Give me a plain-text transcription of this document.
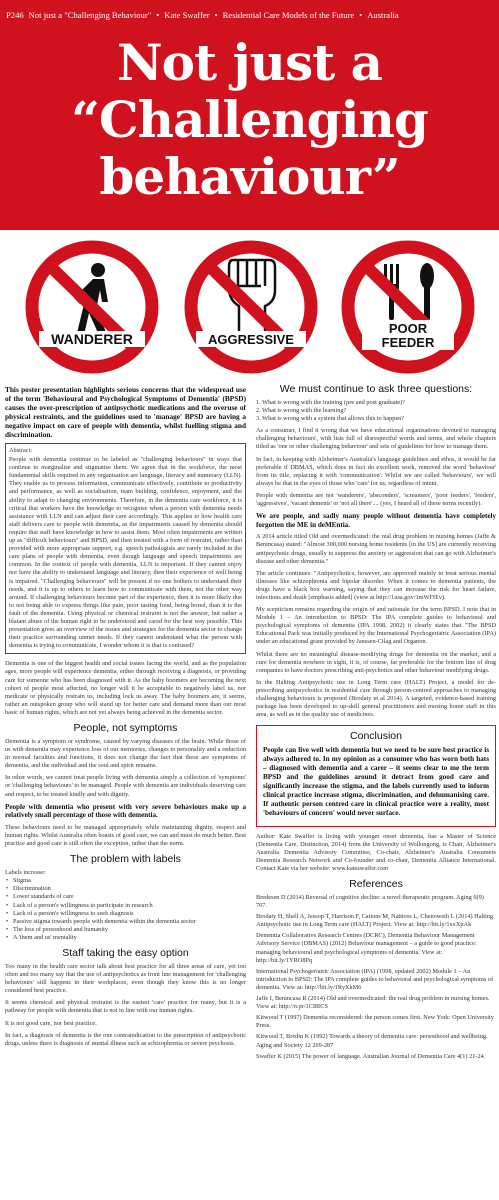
P246 Not just a "Challenging Behaviour" • Kate Swaffer • Residential Care Models of the Future • Australia
Not just a
“Challenging
behaviour”
WANDERER	AGGRESSIVE
POOR
FEEDER

This poster presentation highlights serious concerns that the widespread use of the term 'Behavioural and Psychological Symptoms of Dementia' (BPSD) causes the over-prescription of antipsychotic medications and the overuse of physical restraints, and the guidelines used to 'manage' BPSD are having a negative impact on care of people with dementia, whilst fuelling stigma and discrimination.

Abstract:

People with dementia continue to be labeled as "challenging behaviours" in ways that continue to marginalise and stigmatise them. We agree that in the workforce, the most fundamental skills required in any organisation are language, literacy and numeracy (LLN). They enable us to process information, communicate effectively, contribute to productivity and performance, as well as socialisation, team building, confidence, enjoyment, and the ability to adapt to changing environments. Therefore, in the dementia care workforce, it is critical that workers have the knowledge to recognise when a person with dementia needs assistance with LLN and can adjust their care accordingly. This applies to how health care staff delivers care to people with dementia, as the impairments caused by dementia should require that staff have knowledge in how to assist them. Most often impairments are written up as "difficult behaviours" and BPSD, and then treated with a form of restraint, rather than provided with more appropriate support, e.g. speech pathologists are rarely included in the care plans of people with dementia, even though language and speech impairments are common. In the context of people with dementia, LLN is important. If they cannot enjoy nor have the ability to understand language and literacy, then their experience of well being is impaired. "Challenging behaviours" will be present if no one bothers to understand their needs, and it is up to others to learn how to communicate with them, not the other way around. If challenging behaviours become part of the experience, then it is more likely due to not being able to express things like pain, poor tasting food, being bored, than it is the fault of the dementia. Using physical or chemical restraint is not the answer, but rather a blatant abuse of the human right to be understood and cared for the best way possible. This presentation gives an overview of the issues and strategies for the dementia sector to change their practice surrounding unmet needs. If they cannot understand what the person with dementia is trying to communicate, I wonder whom it is that is confused?

Dementia is one of the biggest health and social issues facing the world, and as the population ages, more people will experience dementia, either through receiving a diagnosis, or providing care for someone who has been diagnosed with it. As the baby boomers are becoming the next cohort of people most affected, no longer will it be acceptable to negatively label us, nor medicate or physically restrain us, including lock us away. The baby boomers are, it seems, rather an outspoken group who will stand up for better care and demand more than our most basic of human rights, which are not yet always being achieved in the dementia sector.

People, not symptoms

Dementia is a symptom or syndrome, caused by varying diseases of the brain. While those of us with dementia may experience loss of our memories, changes to personality and a reduction in normal faculties and functions, it does not change the fact that these are symptoms of dementia, and the individual and the soul and spirit remains.

In other words, we cannot treat people living with dementia simply a collection of 'symptoms' or 'challenging behaviours' to be managed. People with dementia are individuals deserving care and respect, to be treated kindly and with dignity.

People with dementia who present with very severe behaviours make up a relatively small percentage of those with dementia.

These behaviours need to be managed appropriately while maintaining dignity, respect and human rights. Whilst Australia often boasts of good care, we can and must do much better. Best practice and good care is still often the exception, rather than the norm.

The problem with labels
Labels increase:
• Stigma
• Discrimination
• Lower standards of care
• Lack of a person's willingness to participate in research
• Lack of a person's willingness to seek diagnosis
• Passive stigma towards people with dementia within the dementia sector
• The loss of personhood and humanity
• A 'them and us' mentality
Staff taking the easy option

Too many in the health care sector talk about best practice for all three areas of care, yet too often and too many say that the use of antipsychotics as front line management for 'challenging behaviours' still happens in their workplaces, even though they know this is no longer considered best practice.

It seems chemical and physical restraint is the easiest 'care' practice for many, but it is a pathway for people with dementia that is not in line with our human rights.

It is not good care, nor best practice.

In fact, a diagnosis of dementia is the one contraindication to the prescription of antipsychotic drugs, unless there is diagnosis of mental illness such as schizophrenia or severe psychosis.

We must continue to ask three questions:
1. What is wrong with the training (pre and post graduate)?
2. What is wrong with the learning?
3. What is wrong with a system that allows this to happen?

As a consumer, I find it wrong that we have educational organisations devoted to managing challenging behaviours', with lists full of disrespectful words and terms, and whole chapters titled as 'one or other challenging behaviour' and sets of guidelines for how to manage them.

In fact, in keeping with Alzheimer's Australia's language guidelines and ethos, it would be far preferable if DBMAS, which does in fact do excellent work, removed the word 'behaviour' from its title, replacing it with 'communication'. Whilst we are called 'behaviours', we will always be that in the eyes of those who 'care' for us, regardless of intent.

People with dementia are not 'wanderers', 'absconders', 'screamers', 'poor feeders', 'feeders', 'aggressives', 'vacant dements' or 'not all there'.... (yes, I heard all of these terms recently).

We are people, and sadly many people without dementia have completely forgotten the ME in deMEntia.

A 2014 article titled Old and overmedicated: the real drug problem in nursing homes (Jaffe & Benincasa) stated: "Almost 300,000 nursing home residents [in the US] are currently receiving antipsychotic drugs, usually to suppress the anxiety or aggression that can go with Alzheimer's disease and other dementia."

The article continues: "Antipsychotics, however, are approved mainly to treat serious mental illnesses like schizophrenia and bipolar disorder. When it comes to dementia patients, the drugs have a black box warning, saying that they can increase the risk for heart failure, infections and death [emphasis added] (view at http://1usa.gov/1mWFfEv).

My scepticism remains regarding the origin of and rationale for the term BPSD. I note that in Module 1 – An introduction to BPSD: The IPA complete guides to behavioral and psychological symptoms of dementia (IPA 1998, 2002) it clearly states that "The BPSD Educational Pack was initially produced by the International Psychogeriatric Association (IPA) under an educational grant provided by Janssen-Cilag and Organon.

Whilst there are no meaningful disease-modifying drugs for dementia on the market, and a cure for dementia nowhere in sight, it is, of course, far preferable for the bottom line of drug companies to have doctors prescribing anti-psychotics and other behaviour modifying drugs.

In the Halting Antipsychotic use in Long Term care (HALT) Project, a model for de-prescribing antipsychotics in residential care through person-centred approaches to managing challenging behaviours is proposed (Brodaty et al 2014). A targeted, evidence-based training package has been developed to up-skill general practitioners and nursing home staff in this area, as well as in the quality use of medicines.

Conclusion

People can live well with dementia but we need to be sure best practice is always adhered to. In my opinion as a consumer who has worn both hats – diagnosed with dementia and a carer – it seems clear to me the term BPSD and the guidelines around it detract from good care and significantly increase the stigma, and the labels currently used to inform clinical practice increase stigma, discrimination, and dehumanising care. If authentic person centred care in clinical practice were a reality, most 'behaviours of concern' would never surface.

Author: Kate Swaffer is living with younger onset dementia, has a Master of Science (Dementia Care, Distinction, 2014) from the University of Wollongong, is Chair, Alzheimer's Australia Dementia Advisory Committee, Co-chair, Alzheimer's Australia Consumers Dementia Research Network and Co-founder and co-chair, Dementia Alliance International. Contact Kate via her website: www.kateswaffer.com

References

Bredesen D (2014) Reversal of cognitive decline: a novel therapeutic program. Aging 6(9) 707.

Brodaty H, Shell A, Jessop T, Harrison F, Cations M, Nattress L, Chenoweth L (2014) Halting Antipsychotic use in Long Term care (HALT) Project. View at: http://bit.ly/1xxXpAk

Dementia Collaborative Research Centres (DCRC), Dementia Behaviour Management Advisory Service (DBMAS) (2012) Behaviour management – a guide to good practice: managing behavioural and psychological symptoms of dementia. View at: http://bit.ly/1YRO8Pq

International Psychogeriatric Association (IPA) (1998, updated 2002) Module 1 – An introduction to BPSD: The IPA complete guides to behavioral and psychological symptoms of dementia. View at: http://bit.ly/1RyXkM6

Jaffe I, Benincasa R (2014) Old and overmedicated: the real drug problem in nursing homes. View at: http://n.pr/1CI8ICS

Kitwood T (1997) Dementia reconsidered: the person comes first. New York: Open University Press.

Kitwood T, Bredin K (1992) Towards a theory of dementia care: personhood and wellbeing. Aging and Society 12 269-287

Swaffer K (2015) The power of language. Australian Journal of Dementia Care 4(1) 21-24.
